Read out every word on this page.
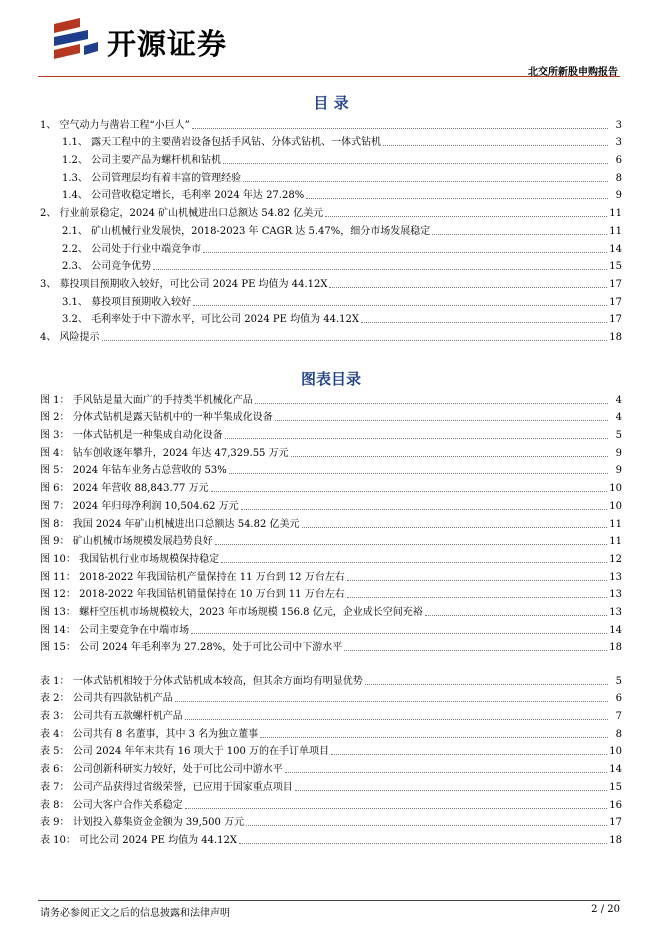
开源证券
北交所新股申购报告
目 录
1、 空气动力与凿岩工程“小巨人”	3
1.1、 露天工程中的主要凿岩设备包括手风钻、分体式钻机、一体式钻机	3
1.2、 公司主要产品为螺杆机和钻机	6
1.3、 公司管理层均有着丰富的管理经验	8
1.4、 公司营收稳定增长，毛利率 2024 年达 27.28%	9
2、 行业前景稳定，2024 矿山机械进出口总额达 54.82 亿美元	11
2.1、 矿山机械行业发展快，2018-2023 年 CAGR 达 5.47%，细分市场发展稳定	11
2.2、 公司处于行业中端竞争市	14
2.3、 公司竞争优势	15
3、 募投项目预期收入较好，可比公司 2024 PE 均值为 44.12X	17
3.1、 募投项目预期收入较好	17
3.2、 毛利率处于中下游水平，可比公司 2024 PE 均值为 44.12X	17
4、 风险提示	18
图表目录
图 1： 手风钻是量大面广的手持类半机械化产品	4
图 2： 分体式钻机是露天钻机中的一种半集成化设备	4
图 3： 一体式钻机是一种集成自动化设备	5
图 4： 钻车创收逐年攀升，2024 年达 47,329.55 万元	9
图 5： 2024 年钻车业务占总营收的 53%	9
图 6： 2024 年营收 88,843.77 万元	10
图 7： 2024 年归母净利润 10,504.62 万元	10
图 8： 我国 2024 年矿山机械进出口总额达 54.82 亿美元	11
图 9： 矿山机械市场规模发展趋势良好	11
图 10： 我国钻机行业市场规模保持稳定	12
图 11： 2018-2022 年我国钻机产量保持在 11 万台到 12 万台左右	13
图 12： 2018-2022 年我国钻机销量保持在 10 万台到 11 万台左右	13
图 13： 螺杆空压机市场规模较大，2023 年市场规模 156.8 亿元，企业成长空间充裕	13
图 14： 公司主要竞争在中端市场	14
图 15： 公司 2024 年毛利率为 27.28%，处于可比公司中下游水平	18
表 1： 一体式钻机相较于分体式钻机成本较高，但其余方面均有明显优势	5
表 2： 公司共有四款钻机产品	6
表 3： 公司共有五款螺杆机产品	7
表 4： 公司共有 8 名董事，其中 3 名为独立董事	8
表 5： 公司 2024 年年末共有 16 项大于 100 万的在手订单项目	10
表 6： 公司创新科研实力较好，处于可比公司中游水平	14
表 7： 公司产品获得过省级荣誉，已应用于国家重点项目	15
表 8： 公司大客户合作关系稳定	16
表 9： 计划投入募集资金金额为 39,500 万元	17
表 10： 可比公司 2024 PE 均值为 44.12X	18
请务必参阅正文之后的信息披露和法律声明	2 / 20
